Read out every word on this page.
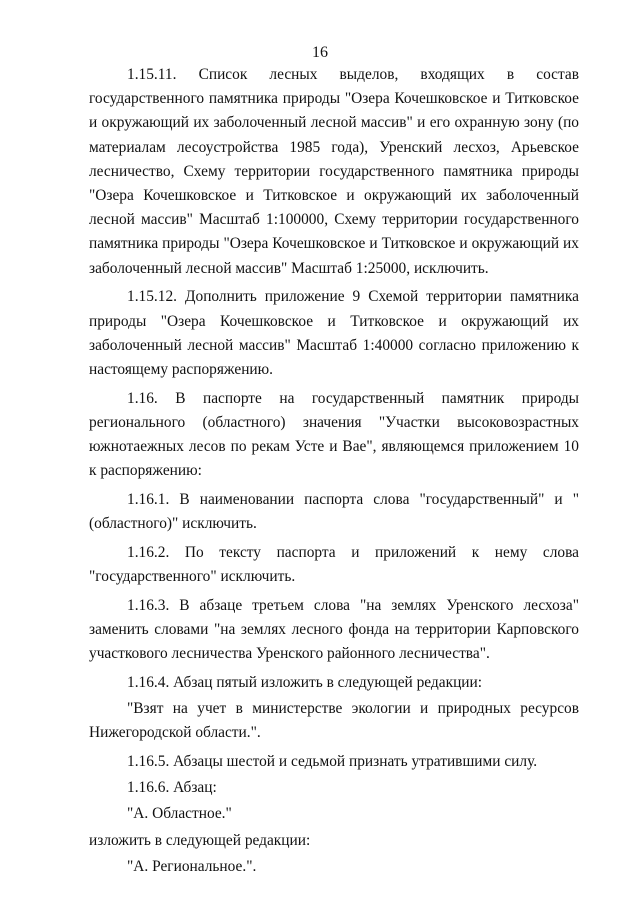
16

1.15.11. Список лесных выделов, входящих в состав государственного памятника природы "Озера Кочешковское и Титковское и окружающий их заболоченный лесной массив" и его охранную зону (по материалам лесоустройства 1985 года), Уренский лесхоз, Арьевское лесничество, Схему территории государственного памятника природы "Озера Кочешковское и Титковское и окружающий их заболоченный лесной массив" Масштаб 1:100000, Схему территории государственного памятника природы "Озера Кочешковское и Титковское и окружающий их заболоченный лесной массив" Масштаб 1:25000, исключить.

1.15.12. Дополнить приложение 9 Схемой территории памятника природы "Озера Кочешковское и Титковское и окружающий их заболоченный лесной массив" Масштаб 1:40000 согласно приложению к настоящему распоряжению.

1.16. В паспорте на государственный памятник природы регионального (областного) значения "Участки высоковозрастных южнотаежных лесов по рекам Усте и Вае", являющемся приложением 10 к распоряжению:

1.16.1. В наименовании паспорта слова "государственный" и "(областного)" исключить.

1.16.2. По тексту паспорта и приложений к нему слова "государственного" исключить.

1.16.3. В абзаце третьем слова "на землях Уренского лесхоза" заменить словами "на землях лесного фонда на территории Карповского участкового лесничества Уренского районного лесничества".

1.16.4. Абзац пятый изложить в следующей редакции:

"Взят на учет в министерстве экологии и природных ресурсов Нижегородской области.".

1.16.5. Абзацы шестой и седьмой признать утратившими силу.

1.16.6. Абзац:

"А. Областное."

изложить в следующей редакции:

"А. Региональное.".
